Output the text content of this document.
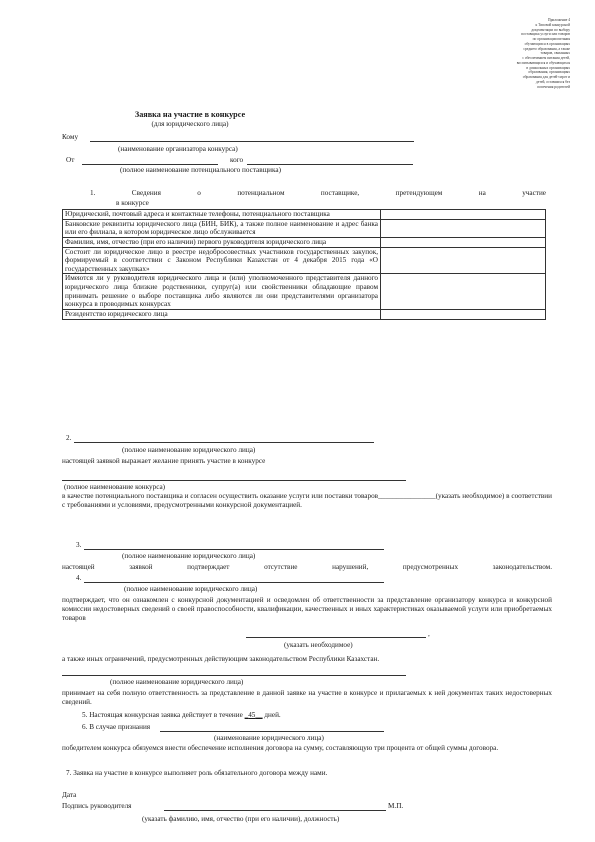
Приложение 4
к Типовой конкурсной
документации по выбору
поставщика услуги или товаров
по организации питания
обучающихся в организациях
среднего образования, а также
товаров, связанных
с обеспечением питания детей,
воспитывающихся и обучающихся
в дошкольных организациях
образования, организациях
образования для детей-сирот и
детей, оставшихся без
попечения родителей
Заявка на участие в конкурсе
(для юридического лица)
Кому
(наименование организатора конкурса)
От	кого
(полное наименование потенциального поставщика)
1. Сведения о потенциальном поставщике, претендующем на участие
в конкурсе
Юридический, почтовый адреса и контактные телефоны, потенциального поставщика	
Банковские реквизиты юридического лица (БИН, БИК), а также полное наименование и адрес банка или его филиала, в котором юридическое лицо обслуживается	
Фамилия, имя, отчество (при его наличии) первого руководителя юридического лица	
Состоит ли юридическое лицо в реестре недобросовестных участников государственных закупок, формируемый в соответствии с Законом Республики Казахстан от 4 декабря 2015 года «О государственных закупках»	
Имеются ли у руководителя юридического лица и (или) уполномоченного представителя данного юридического лица близкие родственники, супруг(а) или свойственники обладающие правом принимать решение о выборе поставщика либо являются ли они представителями организатора конкурса в проводимых конкурсах	
Резидентство юридического лица	
2.
(полное наименование юридического лица)
настоящей заявкой выражает желание принять участие в конкурсе
(полное наименование конкурса)
в качестве потенциального поставщика и согласен осуществить оказание услуги или поставки товаров________________(указать необходимое) в соответствии с требованиями и условиями, предусмотренными конкурсной документацией.
3.
(полное наименование юридического лица)
настоящей заявкой подтверждает отсутствие нарушений, предусмотренных законодательством.
4.
(полное наименование юридического лица)
подтверждает, что он ознакомлен с конкурсной документацией и осведомлен об ответственности за представление организатору конкурса и конкурсной комиссии недостоверных сведений о своей правоспособности, квалификации, качественных и иных характеристиках оказываемой услуги или приобретаемых товаров
,
(указать необходимое)
а также иных ограничений, предусмотренных действующим законодательством Республики Казахстан.
(полное наименование юридического лица)
принимает на себя полную ответственность за представление в данной заявке на участие в конкурсе и прилагаемых к ней документах таких недостоверных сведений.
5. Настоящая конкурсная заявка действует в течение _45__ дней.
6. В случае признания
(наименование юридического лица)
победителем конкурса обязуемся внести обеспечение исполнения договора на сумму, составляющую три процента от общей суммы договора.
7. Заявка на участие в конкурсе выполняет роль обязательного договора между нами.
Дата
Подпись руководителя	М.П.
(указать фамилию, имя, отчество (при его наличии), должность)
